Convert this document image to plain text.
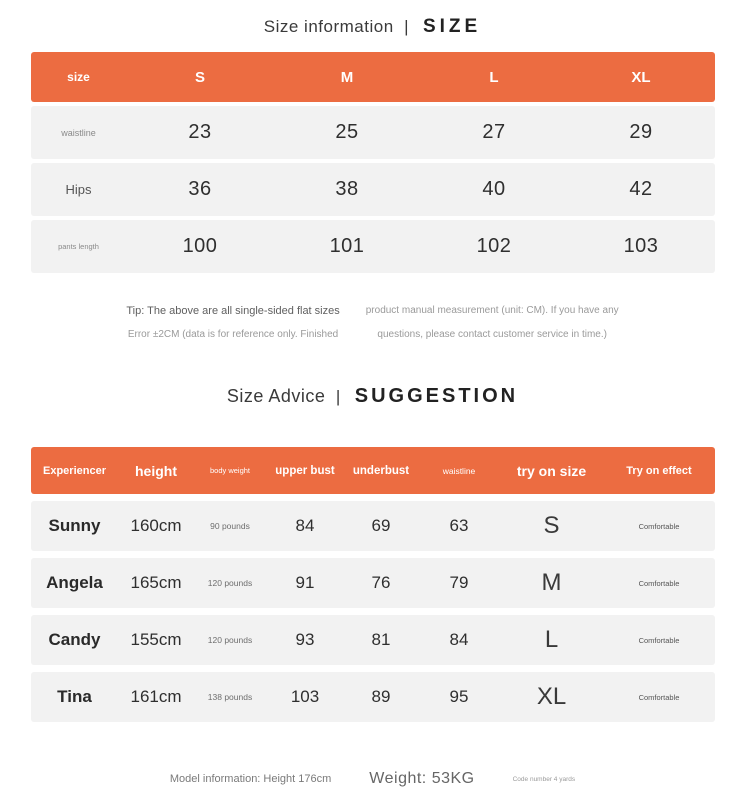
Size information | SIZE
size	S	M	L	XL
waistline	23	25	27	29
Hips	36	38	40	42
pants length	100	101	102	103
Tip: The above are all single-sided flat sizes
Error ±2CM (data is for reference only. Finished
product manual measurement (unit: CM). If you have any
questions, please contact customer service in time.)
Size Advice | SUGGESTION
Experiencer	height	body weight	upper bust	underbust	waistline	try on size	Try on effect
Sunny	160cm	90 pounds	84	69	63	S	Comfortable
Angela	165cm	120 pounds	91	76	79	M	Comfortable
Candy	155cm	120 pounds	93	81	84	L	Comfortable
Tina	161cm	138 pounds	103	89	95	XL	Comfortable
Model information: Height 176cm Weight: 53KG	Code number 4 yards
